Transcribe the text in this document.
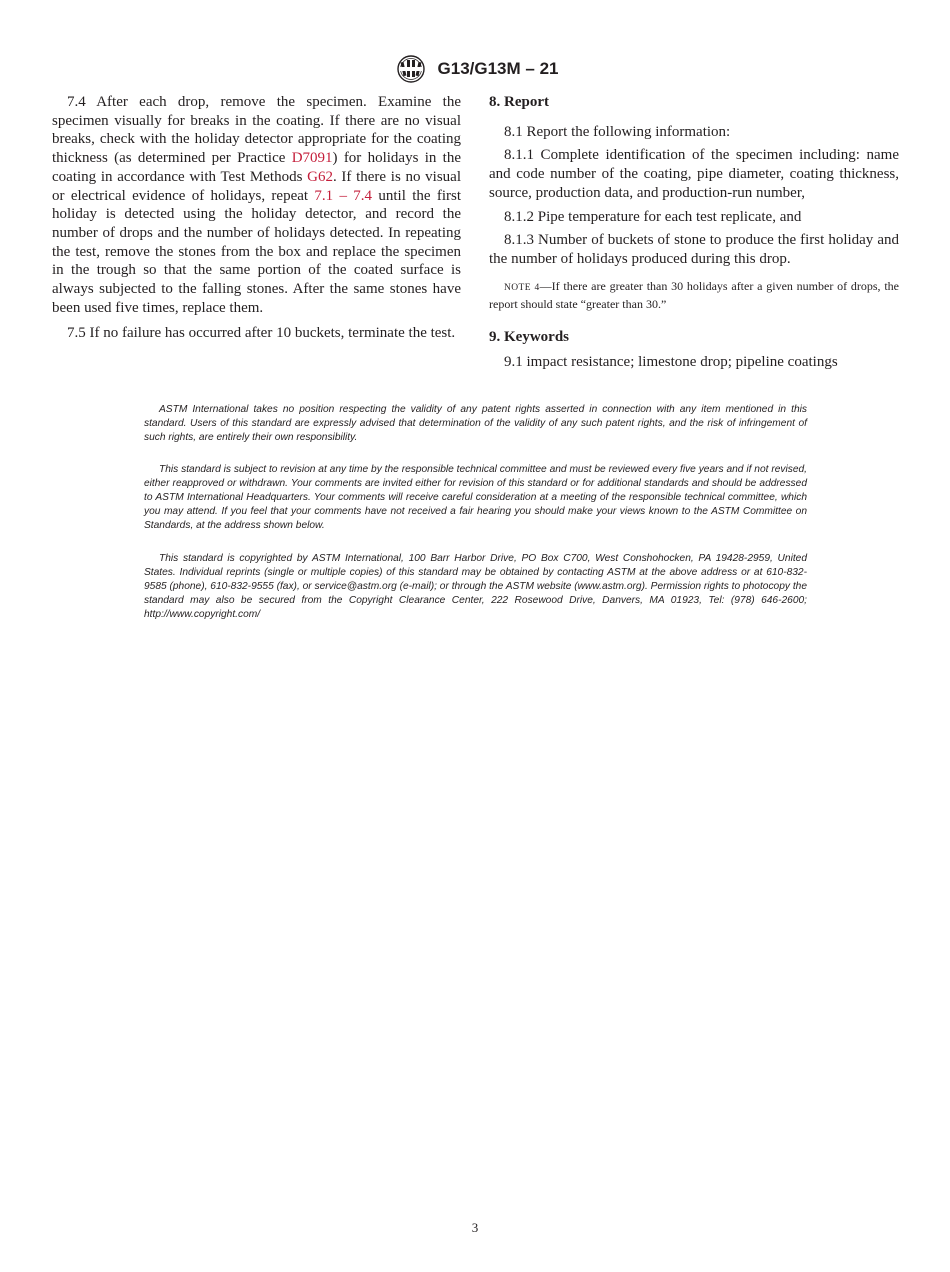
G13/G13M – 21

7.4 After each drop, remove the specimen. Examine the specimen visually for breaks in the coating. If there are no visual breaks, check with the holiday detector appropriate for the coating thickness (as determined per Practice D7091) for holidays in the coating in accordance with Test Methods G62. If there is no visual or electrical evidence of holidays, repeat 7.1 – 7.4 until the first holiday is detected using the holiday detector, and record the number of drops and the number of holidays detected. In repeating the test, remove the stones from the box and replace the specimen in the trough so that the same portion of the coated surface is always subjected to the falling stones. After the same stones have been used five times, replace them.

7.5 If no failure has occurred after 10 buckets, terminate the test.

8. Report

8.1 Report the following information:

8.1.1 Complete identification of the specimen including: name and code number of the coating, pipe diameter, coating thickness, source, production data, and production-run number,

8.1.2 Pipe temperature for each test replicate, and

8.1.3 Number of buckets of stone to produce the first holiday and the number of holidays produced during this drop.

NOTE 4—If there are greater than 30 holidays after a given number of drops, the report should state “greater than 30.”
9. Keywords

9.1 impact resistance; limestone drop; pipeline coatings

ASTM International takes no position respecting the validity of any patent rights asserted in connection with any item mentioned in this standard. Users of this standard are expressly advised that determination of the validity of any such patent rights, and the risk of infringement of such rights, are entirely their own responsibility.

This standard is subject to revision at any time by the responsible technical committee and must be reviewed every five years and if not revised, either reapproved or withdrawn. Your comments are invited either for revision of this standard or for additional standards and should be addressed to ASTM International Headquarters. Your comments will receive careful consideration at a meeting of the responsible technical committee, which you may attend. If you feel that your comments have not received a fair hearing you should make your views known to the ASTM Committee on Standards, at the address shown below.

This standard is copyrighted by ASTM International, 100 Barr Harbor Drive, PO Box C700, West Conshohocken, PA 19428-2959, United States. Individual reprints (single or multiple copies) of this standard may be obtained by contacting ASTM at the above address or at 610-832-9585 (phone), 610-832-9555 (fax), or service@astm.org (e-mail); or through the ASTM website (www.astm.org). Permission rights to photocopy the standard may also be secured from the Copyright Clearance Center, 222 Rosewood Drive, Danvers, MA 01923, Tel: (978) 646-2600; http://www.copyright.com/

3
